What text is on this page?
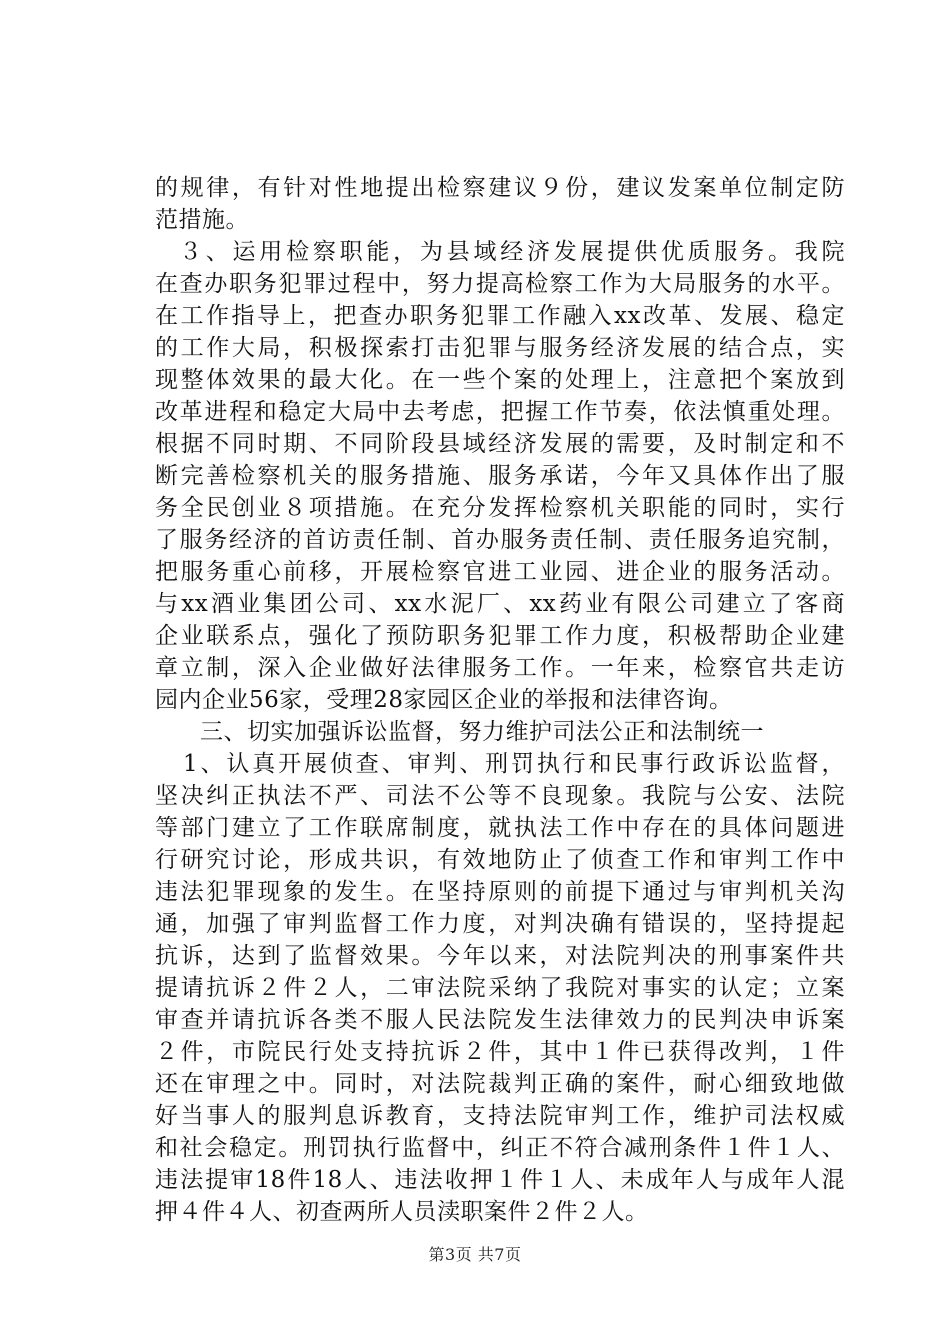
的规律，有针对性地提出检察建议９份，建议发案单位制定防
范措施。
３、运用检察职能，为县域经济发展提供优质服务。我院
在查办职务犯罪过程中，努力提高检察工作为大局服务的水平。
在工作指导上，把查办职务犯罪工作融入xx改革、发展、稳定
的工作大局，积极探索打击犯罪与服务经济发展的结合点，实
现整体效果的最大化。在一些个案的处理上，注意把个案放到
改革进程和稳定大局中去考虑，把握工作节奏，依法慎重处理。
根据不同时期、不同阶段县域经济发展的需要，及时制定和不
断完善检察机关的服务措施、服务承诺，今年又具体作出了服
务全民创业８项措施。在充分发挥检察机关职能的同时，实行
了服务经济的首访责任制、首办服务责任制、责任服务追究制，
把服务重心前移，开展检察官进工业园、进企业的服务活动。
与xx酒业集团公司、xx水泥厂、xx药业有限公司建立了客商
企业联系点，强化了预防职务犯罪工作力度，积极帮助企业建
章立制，深入企业做好法律服务工作。一年来，检察官共走访
园内企业56家，受理28家园区企业的举报和法律咨询。
三、切实加强诉讼监督，努力维护司法公正和法制统一
1、认真开展侦查、审判、刑罚执行和民事行政诉讼监督，
坚决纠正执法不严、司法不公等不良现象。我院与公安、法院
等部门建立了工作联席制度，就执法工作中存在的具体问题进
行研究讨论，形成共识，有效地防止了侦查工作和审判工作中
违法犯罪现象的发生。在坚持原则的前提下通过与审判机关沟
通，加强了审判监督工作力度，对判决确有错误的，坚持提起
抗诉，达到了监督效果。今年以来，对法院判决的刑事案件共
提请抗诉２件２人，二审法院采纳了我院对事实的认定；立案
审查并请抗诉各类不服人民法院发生法律效力的民判决申诉案
２件，市院民行处支持抗诉２件，其中１件已获得改判，１件
还在审理之中。同时，对法院裁判正确的案件，耐心细致地做
好当事人的服判息诉教育，支持法院审判工作，维护司法权威
和社会稳定。刑罚执行监督中，纠正不符合减刑条件１件１人、
违法提审18件18人、违法收押１件１人、未成年人与成年人混
押４件４人、初查两所人员渎职案件２件２人。
第3页 共7页
